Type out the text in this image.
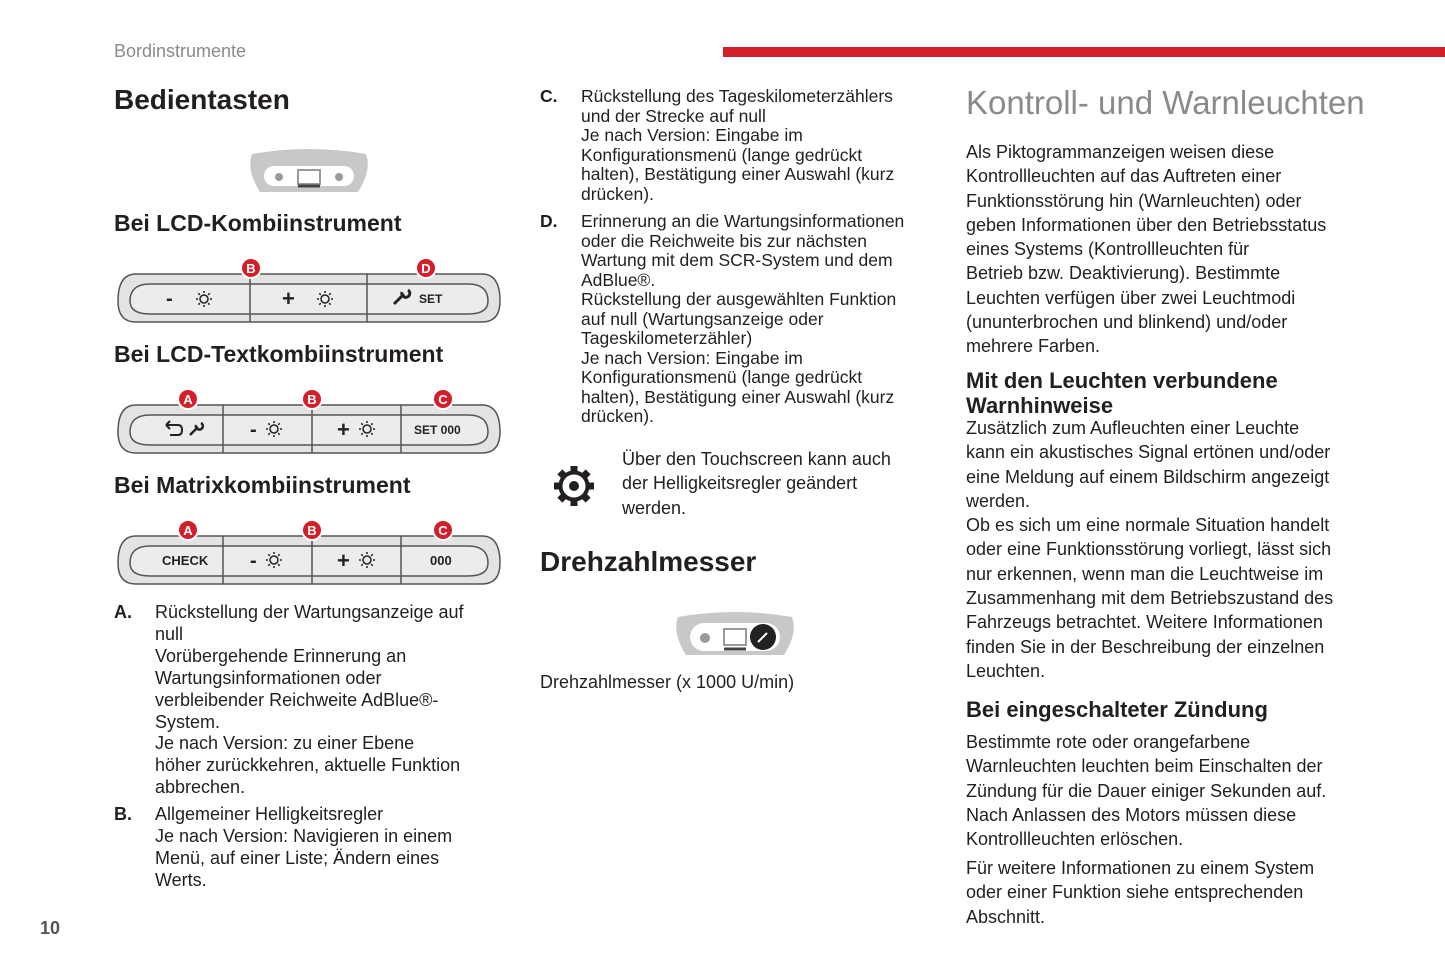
Bordinstrumente
Bedientasten
Bei LCD-Kombiinstrument
-	+	SET
B	D
Bei LCD-Textkombiinstrument
-	+	SET 000
A	B	C
Bei Matrixkombiinstrument
CHECK -	+	000
A	B	C
A.	Rückstellung der Wartungsanzeige auf
null
Vorübergehende Erinnerung an
Wartungsinformationen oder
verbleibender Reichweite AdBlue®-
System.
Je nach Version: zu einer Ebene
höher zurückkehren, aktuelle Funktion
abbrechen.
B.	Allgemeiner Helligkeitsregler
Je nach Version: Navigieren in einem
Menü, auf einer Liste; Ändern eines
Werts.
C.	Rückstellung des Tageskilometerzählers
und der Strecke auf null
Je nach Version: Eingabe im
Konfigurationsmenü (lange gedrückt
halten), Bestätigung einer Auswahl (kurz
drücken).
D.	Erinnerung an die Wartungsinformationen
oder die Reichweite bis zur nächsten
Wartung mit dem SCR-System und dem
AdBlue®.
Rückstellung der ausgewählten Funktion
auf null (Wartungsanzeige oder
Tageskilometerzähler)
Je nach Version: Eingabe im
Konfigurationsmenü (lange gedrückt
halten), Bestätigung einer Auswahl (kurz
drücken).
Über den Touchscreen kann auch
der Helligkeitsregler geändert
werden.
Drehzahlmesser
Drehzahlmesser (x 1000 U/min)
Kontroll- und Warnleuchten
Als Piktogrammanzeigen weisen diese
Kontrollleuchten auf das Auftreten einer
Funktionsstörung hin (Warnleuchten) oder
geben Informationen über den Betriebsstatus
eines Systems (Kontrollleuchten für
Betrieb bzw. Deaktivierung). Bestimmte
Leuchten verfügen über zwei Leuchtmodi
(ununterbrochen und blinkend) und/oder
mehrere Farben.
Mit den Leuchten verbundene
Warnhinweise
Zusätzlich zum Aufleuchten einer Leuchte
kann ein akustisches Signal ertönen und/oder
eine Meldung auf einem Bildschirm angezeigt
werden.
Ob es sich um eine normale Situation handelt
oder eine Funktionsstörung vorliegt, lässt sich
nur erkennen, wenn man die Leuchtweise im
Zusammenhang mit dem Betriebszustand des
Fahrzeugs betrachtet. Weitere Informationen
finden Sie in der Beschreibung der einzelnen
Leuchten.
Bei eingeschalteter Zündung
Bestimmte rote oder orangefarbene
Warnleuchten leuchten beim Einschalten der
Zündung für die Dauer einiger Sekunden auf.
Nach Anlassen des Motors müssen diese
Kontrollleuchten erlöschen.
Für weitere Informationen zu einem System
oder einer Funktion siehe entsprechenden
Abschnitt.
10
